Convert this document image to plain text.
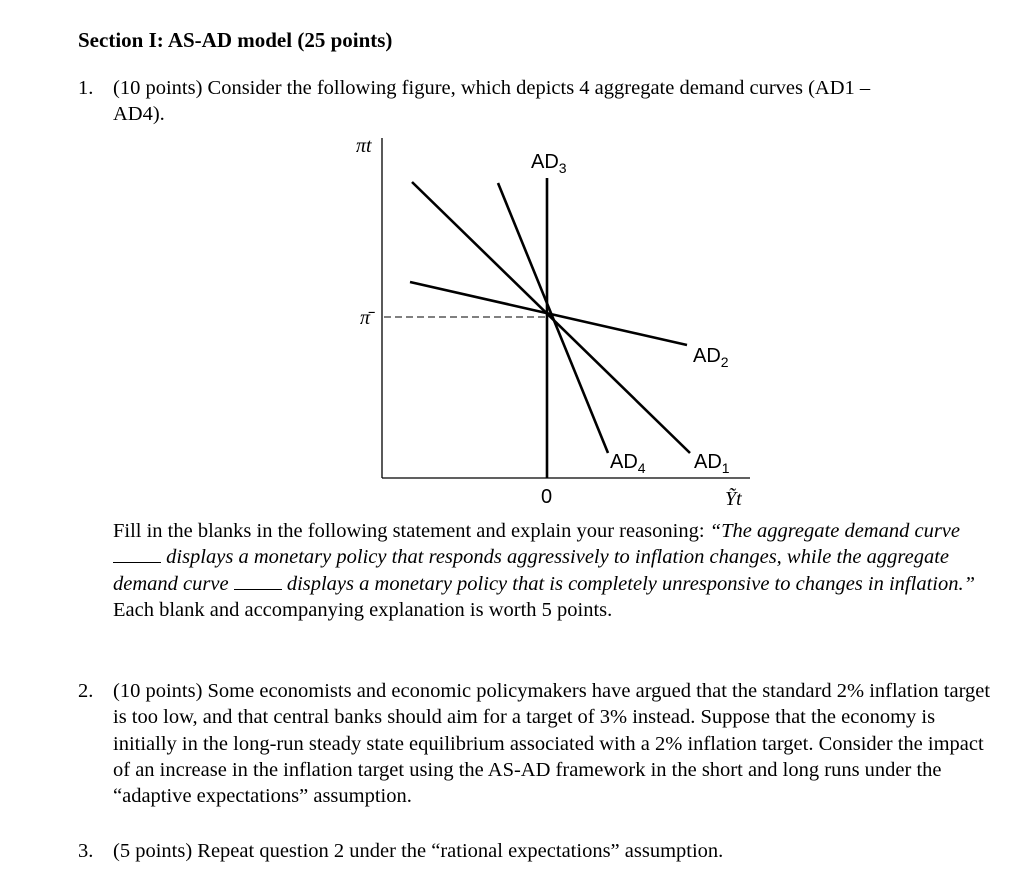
Section I: AS-AD model (25 points)
1. (10 points) Consider the following figure, which depicts 4 aggregate demand curves (AD1 –
AD4).
πt
π̄
0	Ỹt
$AD_3$
$AD_2$
$AD_4$ $AD_1$
Fill in the blanks in the following statement and explain your reasoning: “The aggregate demand curve  displays a monetary policy that responds aggressively to inflation changes, while the aggregate demand curve  displays a monetary policy that is completely unresponsive to changes in inflation.” Each blank and accompanying explanation is worth 5 points.
2. (10 points) Some economists and economic policymakers have argued that the standard 2% inflation target is too low, and that central banks should aim for a target of 3% instead. Suppose that the economy is initially in the long-run steady state equilibrium associated with a 2% inflation target. Consider the impact of an increase in the inflation target using the AS-AD framework in the short and long runs under the “adaptive expectations” assumption.
3. (5 points) Repeat question 2 under the “rational expectations” assumption.
